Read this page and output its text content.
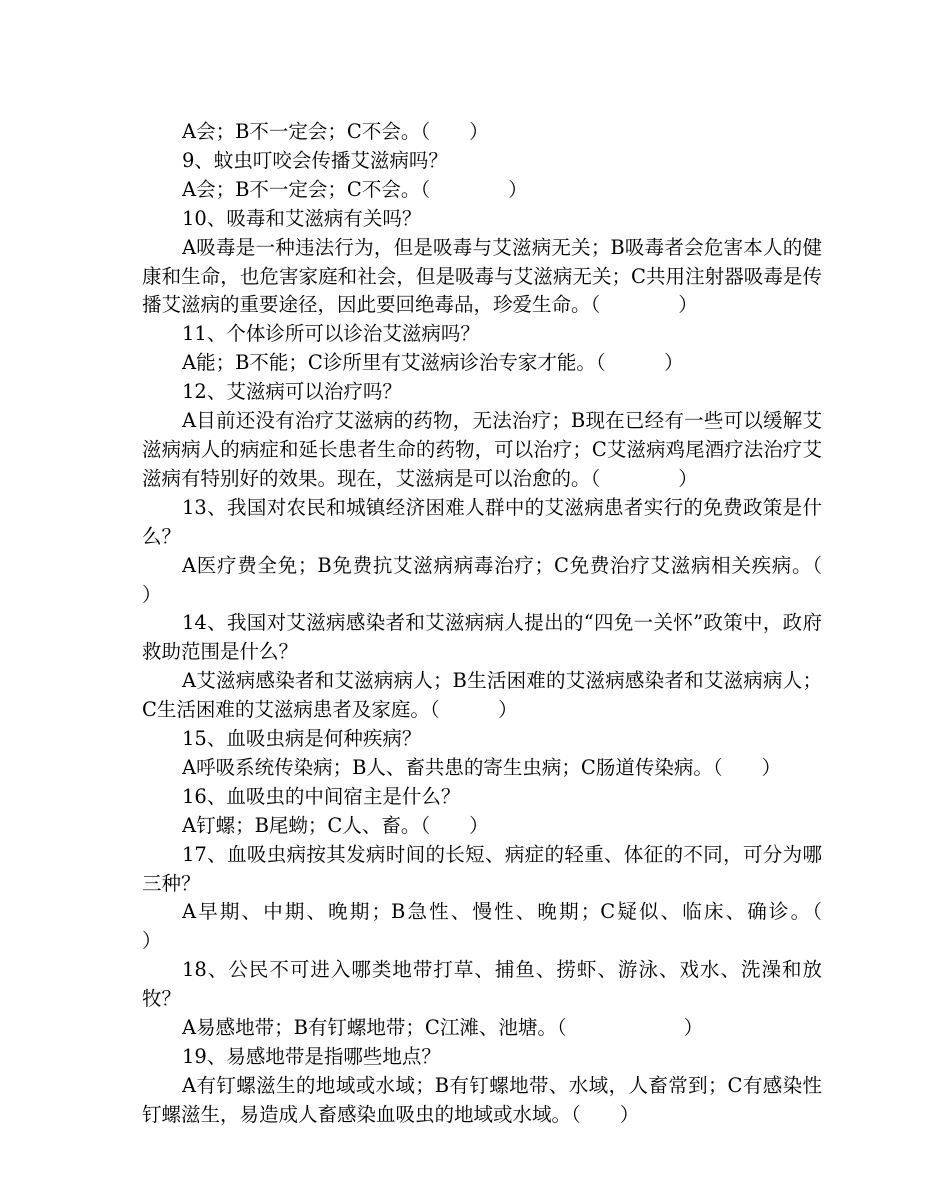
A会；B不一定会；C不会。（　　）

9、蚊虫叮咬会传播艾滋病吗？

A会；B不一定会；C不会。（　　　　）

10、吸毒和艾滋病有关吗？

A吸毒是一种违法行为，但是吸毒与艾滋病无关；B吸毒者会危害本人的健康和生命，也危害家庭和社会，但是吸毒与艾滋病无关；C共用注射器吸毒是传播艾滋病的重要途径，因此要回绝毒品，珍爱生命。（　　　　）

11、个体诊所可以诊治艾滋病吗？

A能；B不能；C诊所里有艾滋病诊治专家才能。（　　　）

12、艾滋病可以治疗吗？

A目前还没有治疗艾滋病的药物，无法治疗；B现在已经有一些可以缓解艾滋病病人的病症和延长患者生命的药物，可以治疗；C艾滋病鸡尾酒疗法治疗艾滋病有特别好的效果。现在，艾滋病是可以治愈的。（　　　　）

13、我国对农民和城镇经济困难人群中的艾滋病患者实行的免费政策是什么？

A医疗费全免；B免费抗艾滋病病毒治疗；C免费治疗艾滋病相关疾病。（　　　　　）

14、我国对艾滋病感染者和艾滋病病人提出的“四免一关怀”政策中，政府救助范围是什么？

A艾滋病感染者和艾滋病病人；B生活困难的艾滋病感染者和艾滋病病人；C生活困难的艾滋病患者及家庭。（　　　）

15、血吸虫病是何种疾病？

A呼吸系统传染病；B人、畜共患的寄生虫病；C肠道传染病。（　　）

16、血吸虫的中间宿主是什么？

A钉螺；B尾蚴；C人、畜。（　　）

17、血吸虫病按其发病时间的长短、病症的轻重、体征的不同，可分为哪三种？

A早期、中期、晚期；B急性、慢性、晚期；C疑似、临床、确诊。（　　　　　）

18、公民不可进入哪类地带打草、捕鱼、捞虾、游泳、戏水、洗澡和放牧？

A易感地带；B有钉螺地带；C江滩、池塘。（　　　　　　）

19、易感地带是指哪些地点？

A有钉螺滋生的地域或水域；B有钉螺地带、水域，人畜常到；C有感染性钉螺滋生，易造成人畜感染血吸虫的地域或水域。（　　）
